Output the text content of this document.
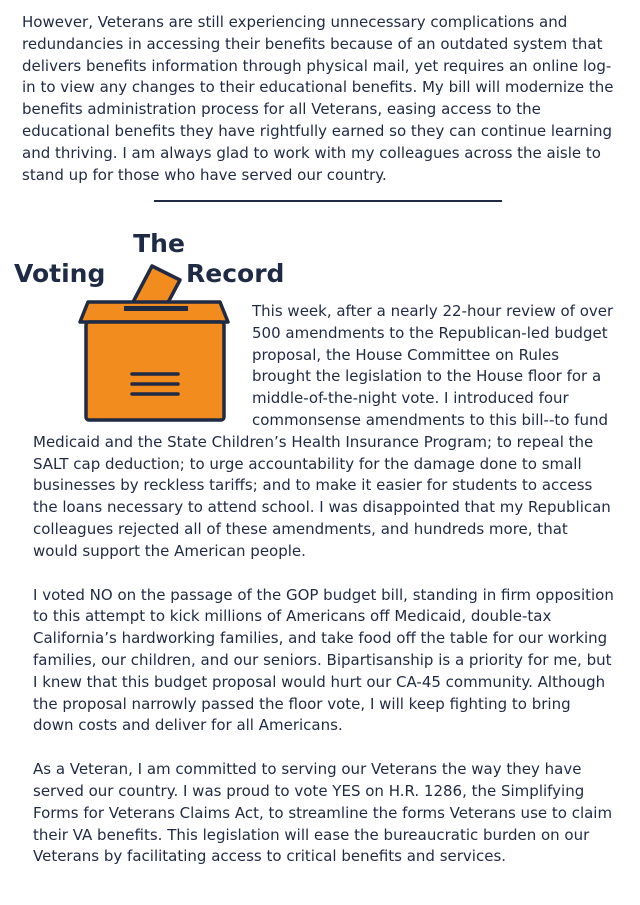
However, Veterans are still experiencing unnecessary complications and redundancies in accessing their benefits because of an outdated system that delivers benefits information through physical mail, yet requires an online log-in to view any changes to their educational benefits. My bill will modernize the benefits administration process for all Veterans, easing access to the educational benefits they have rightfully earned so they can continue learning and thriving. I am always glad to work with my colleagues across the aisle to stand up for those who have served our country.

The
Voting	Record

This week, after a nearly 22-hour review of over 500 amendments to the Republican-led budget proposal, the House Committee on Rules brought the legislation to the House floor for a middle-of-the-night vote. I introduced four commonsense amendments to this bill--to fund Medicaid and the State Children’s Health Insurance Program; to repeal the SALT cap deduction; to urge accountability for the damage done to small businesses by reckless tariffs; and to make it easier for students to access the loans necessary to attend school. I was disappointed that my Republican colleagues rejected all of these amendments, and hundreds more, that would support the American people.

I voted NO on the passage of the GOP budget bill, standing in firm opposition to this attempt to kick millions of Americans off Medicaid, double-tax California’s hardworking families, and take food off the table for our working families, our children, and our seniors. Bipartisanship is a priority for me, but I knew that this budget proposal would hurt our CA-45 community. Although the proposal narrowly passed the floor vote, I will keep fighting to bring down costs and deliver for all Americans.

As a Veteran, I am committed to serving our Veterans the way they have served our country. I was proud to vote YES on H.R. 1286, the Simplifying Forms for Veterans Claims Act, to streamline the forms Veterans use to claim their VA benefits. This legislation will ease the bureaucratic burden on our Veterans by facilitating access to critical benefits and services.
